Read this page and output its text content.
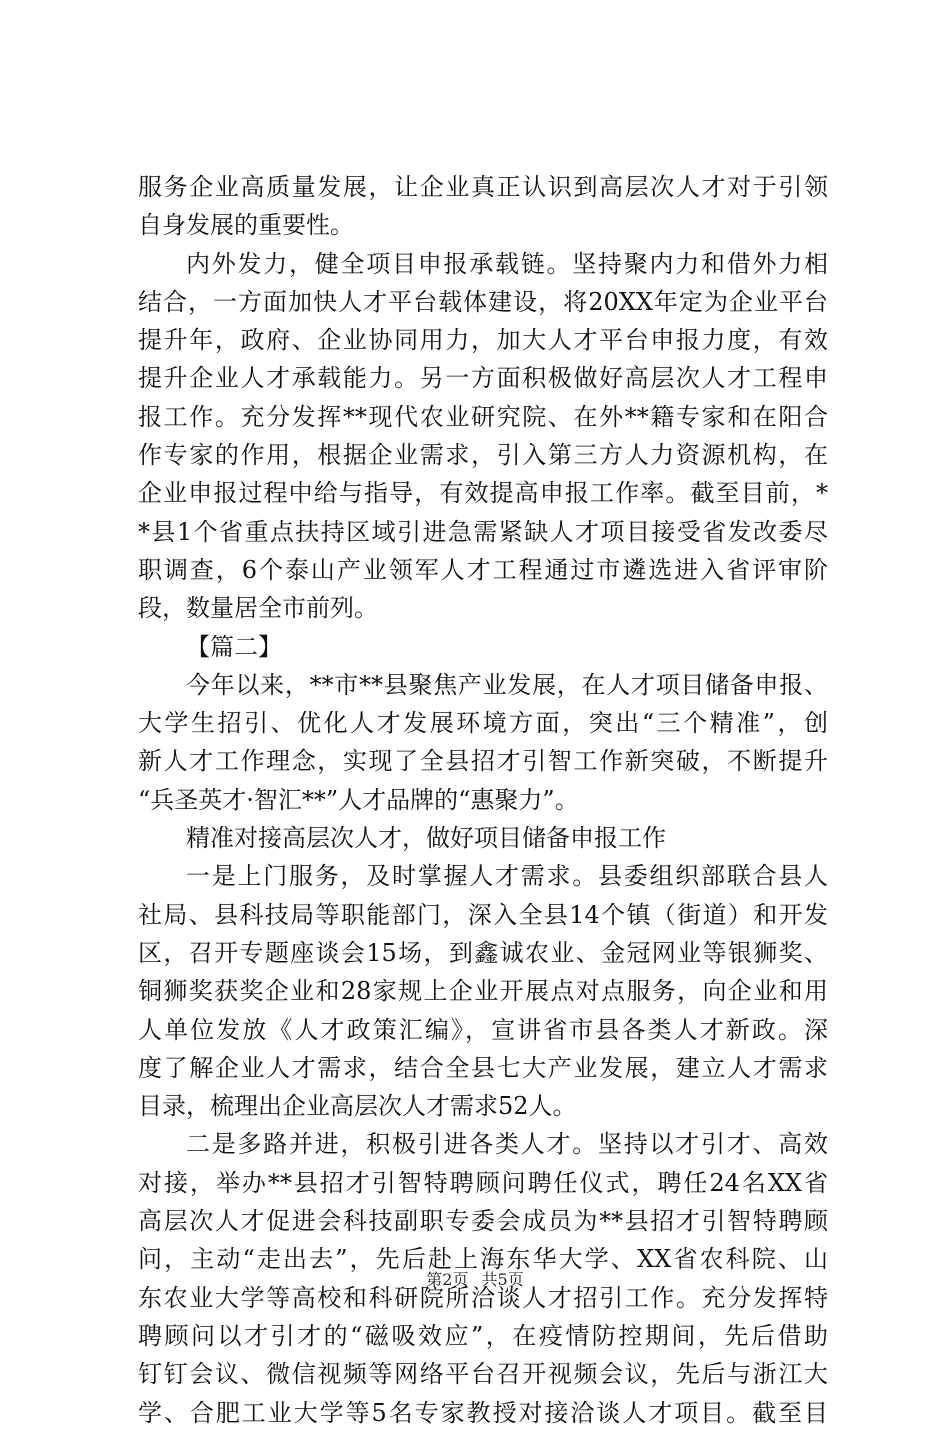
服务企业高质量发展，让企业真正认识到高层次人才对于引领
自身发展的重要性。
内外发力，健全项目申报承载链。坚持聚内力和借外力相
结合，一方面加快人才平台载体建设，将20XX年定为企业平台
提升年，政府、企业协同用力，加大人才平台申报力度，有效
提升企业人才承载能力。另一方面积极做好高层次人才工程申
报工作。充分发挥**现代农业研究院、在外**籍专家和在阳合
作专家的作用，根据企业需求，引入第三方人力资源机构，在
企业申报过程中给与指导，有效提高申报工作率。截至目前，*
*县1个省重点扶持区域引进急需紧缺人才项目接受省发改委尽
职调查，6个泰山产业领军人才工程通过市遴选进入省评审阶
段，数量居全市前列。
【篇二】
今年以来，**市**县聚焦产业发展，在人才项目储备申报、
大学生招引、优化人才发展环境方面，突出“三个精准”，创
新人才工作理念，实现了全县招才引智工作新突破，不断提升
“兵圣英才·智汇**”人才品牌的“惠聚力”。
精准对接高层次人才，做好项目储备申报工作
一是上门服务，及时掌握人才需求。县委组织部联合县人
社局、县科技局等职能部门，深入全县14个镇（街道）和开发
区，召开专题座谈会15场，到鑫诚农业、金冠网业等银狮奖、
铜狮奖获奖企业和28家规上企业开展点对点服务，向企业和用
人单位发放《人才政策汇编》，宣讲省市县各类人才新政。深
度了解企业人才需求，结合全县七大产业发展，建立人才需求
目录，梳理出企业高层次人才需求52人。
二是多路并进，积极引进各类人才。坚持以才引才、高效
对接，举办**县招才引智特聘顾问聘任仪式，聘任24名XX省
高层次人才促进会科技副职专委会成员为**县招才引智特聘顾
问，主动“走出去”，先后赴上海东华大学、XX省农科院、山
东农业大学等高校和科研院所洽谈人才招引工作。充分发挥特
聘顾问以才引才的“磁吸效应”，在疫情防控期间，先后借助
钉钉会议、微信视频等网络平台召开视频会议，先后与浙江大
学、合肥工业大学等5名专家教授对接洽谈人才项目。截至目
第2页 共5页
